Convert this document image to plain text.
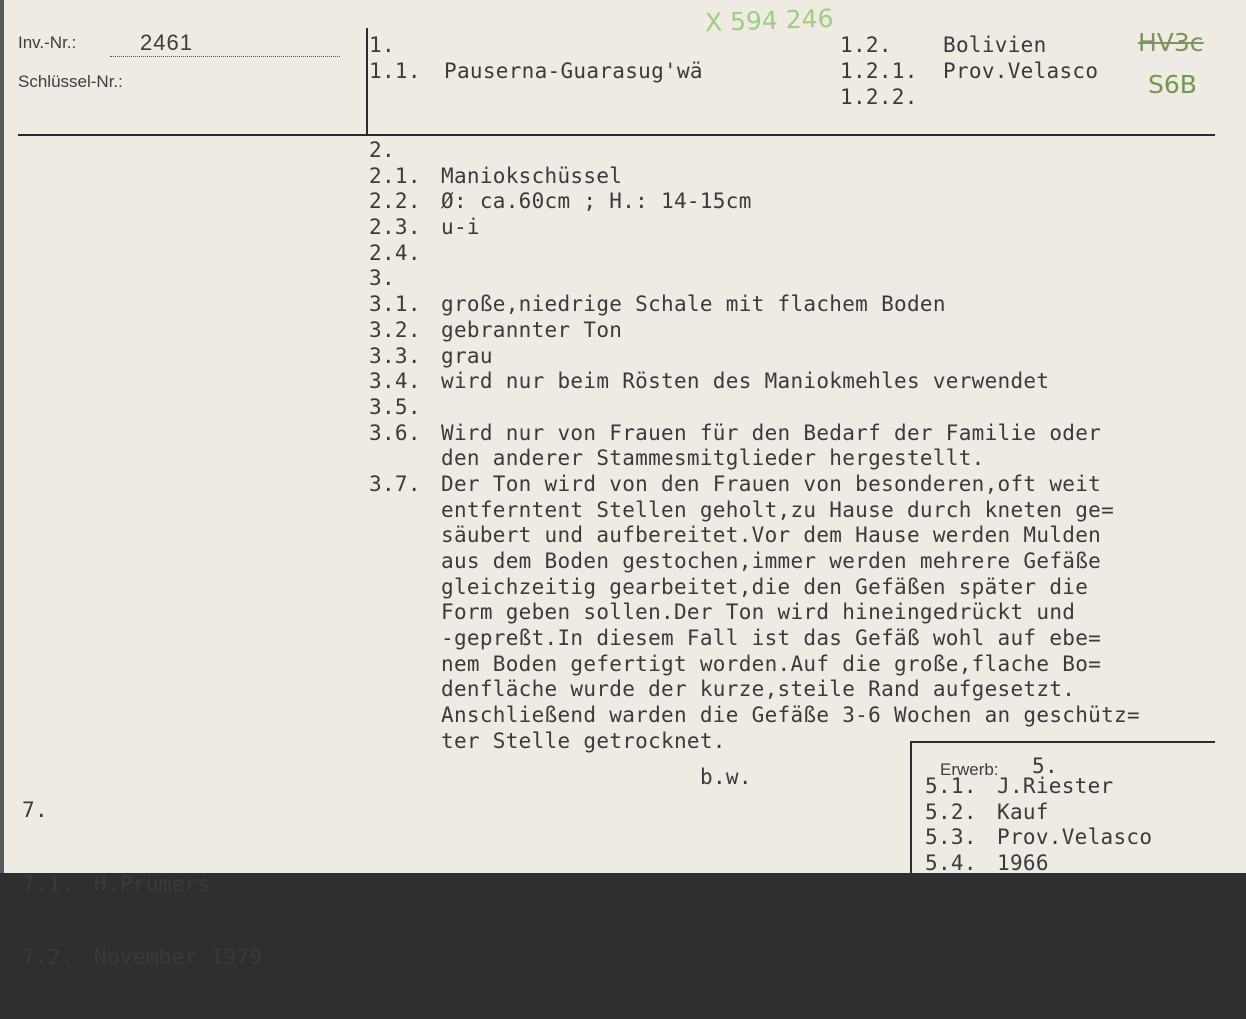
Inv.-Nr.:	2461
Schlüssel-Nr.:
1.
1.1. Pauserna-Guarasug'wä
1.2. Bolivien
1.2.1. Prov.Velasco
1.2.2.
X 594 246
HV3c
S6B
2.
2.1. Maniokschüssel
2.2. Ø: ca.60cm ; H.: 14-15cm
2.3. u-i
2.4.
3.
3.1. große,niedrige Schale mit flachem Boden
3.2. gebrannter Ton
3.3. grau
3.4. wird nur beim Rösten des Maniokmehles verwendet
3.5.
3.6. Wird nur von Frauen für den Bedarf der Familie oder
den anderer Stammesmitglieder hergestellt.
3.7. Der Ton wird von den Frauen von besonderen,oft weit
entferntent Stellen geholt,zu Hause durch kneten ge=
säubert und aufbereitet.Vor dem Hause werden Mulden
aus dem Boden gestochen,immer werden mehrere Gefäße
gleichzeitig gearbeitet,die den Gefäßen später die
Form geben sollen.Der Ton wird hineingedrückt und
-gepreßt.In diesem Fall ist das Gefäß wohl auf ebe=
nem Boden gefertigt worden.Auf die große,flache Bo=
denfläche wurde der kurze,steile Rand aufgesetzt.
Anschließend warden die Gefäße 3-6 Wochen an geschütz=
ter Stelle getrocknet.

7.

7.1. H.Prümers

7.2. November 1979

b.w.	Erwerb: 5.
5.1. J.Riester
5.2. Kauf
5.3. Prov.Velasco
5.4. 1966
